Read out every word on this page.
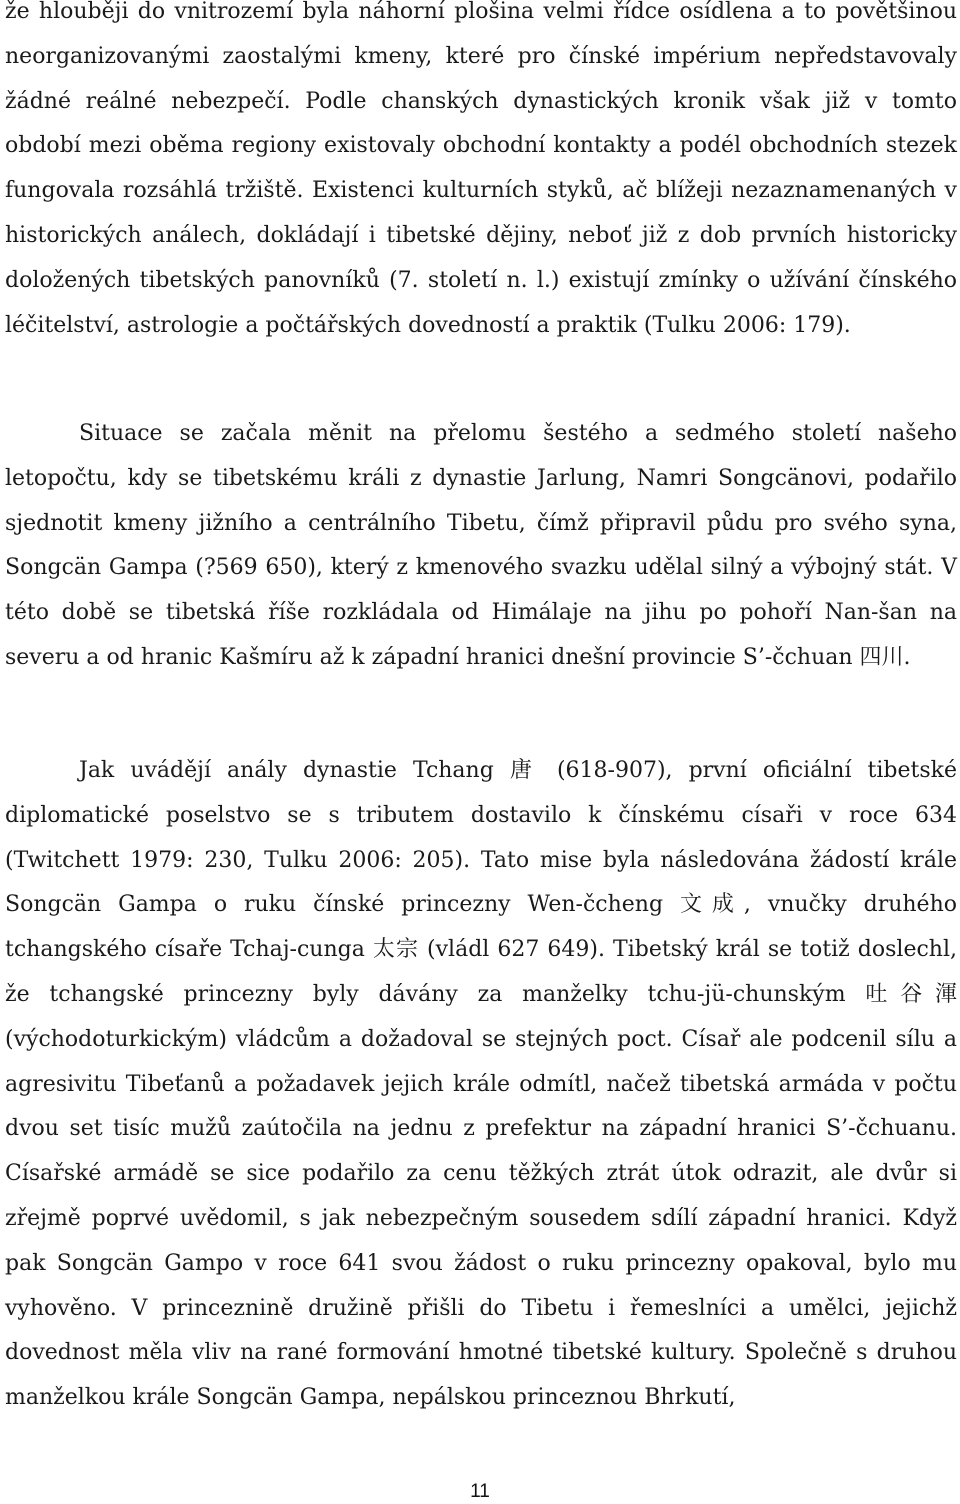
že hlouběji do vnitrozemí byla náhorní plošina velmi řídce osídlena a to povětšinou neorganizovanými zaostalými kmeny, které pro čínské impérium nepředstavovaly žádné reálné nebezpečí. Podle chanských dynastických kronik však již v tomto období mezi oběma regiony existovaly obchodní kontakty a podél obchodních stezek fungovala rozsáhlá tržiště. Existenci kulturních styků, ač blížeji nezaznamenaných v historických análech, dokládají i tibetské dějiny, neboť již z dob prvních historicky doložených tibetských panovníků (7. století n. l.) existují zmínky o užívání čínského léčitelství, astrologie a počtářských dovedností a praktik (Tulku 2006: 179).

Situace se začala měnit na přelomu šestého a sedmého století našeho letopočtu, kdy se tibetskému králi z dynastie Jarlung, Namri Songcänovi, podařilo sjednotit kmeny jižního a centrálního Tibetu, čímž připravil půdu pro svého syna, Songcän Gampa (?569 650), který z kmenového svazku udělal silný a výbojný stát. V této době se tibetská říše rozkládala od Himálaje na jihu po pohoří Nan-šan na severu a od hranic Kašmíru až k západní hranici dnešní provincie S’-čchuan 四川.

Jak uvádějí anály dynastie Tchang 唐 (618-907), první oficiální tibetské diplomatické poselstvo se s tributem dostavilo k čínskému císaři v roce 634 (Twitchett 1979: 230, Tulku 2006: 205). Tato mise byla následována žádostí krále Songcän Gampa o ruku čínské princezny Wen-čcheng 文成, vnučky druhého tchangského císaře Tchaj-cunga 太宗 (vládl 627 649). Tibetský král se totiž doslechl, že tchangské princezny byly dávány za manželky tchu-jü-chunským 吐谷渾 (východoturkickým) vládcům a dožadoval se stejných poct. Císař ale podcenil sílu a agresivitu Tibeťanů a požadavek jejich krále odmítl, načež tibetská armáda v počtu dvou set tisíc mužů zaútočila na jednu z prefektur na západní hranici S’-čchuanu. Císařské armádě se sice podařilo za cenu těžkých ztrát útok odrazit, ale dvůr si zřejmě poprvé uvědomil, s jak nebezpečným sousedem sdílí západní hranici. Když pak Songcän Gampo v roce 641 svou žádost o ruku princezny opakoval, bylo mu vyhověno. V princeznině družině přišli do Tibetu i řemeslníci a umělci, jejichž dovednost měla vliv na rané formování hmotné tibetské kultury. Společně s druhou manželkou krále Songcän Gampa, nepálskou princeznou Bhrkutí,

11
